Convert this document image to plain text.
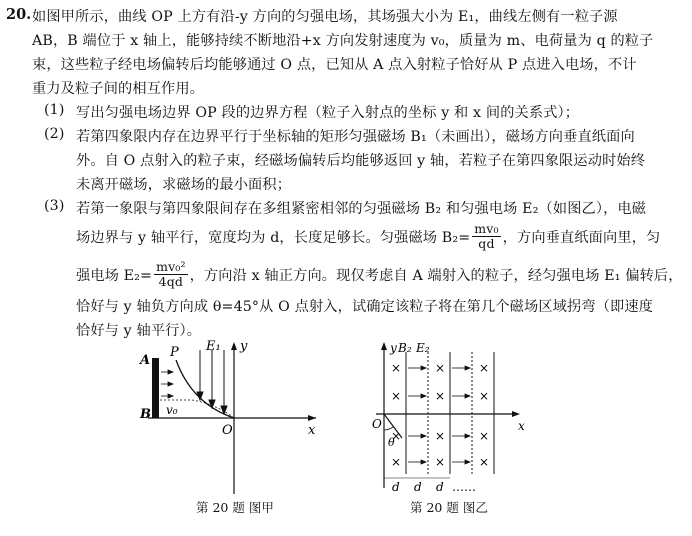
20. 如图甲所示，曲线 OP 上方有沿-y 方向的匀强电场，其场强大小为 E₁，曲线左侧有一粒子源
AB，B 端位于 x 轴上，能够持续不断地沿+x 方向发射速度为 v₀，质量为 m、电荷量为 q 的粒子
束，这些粒子经电场偏转后均能够通过 O 点，已知从 A 点入射粒子恰好从 P 点进入电场，不计
重力及粒子间的相互作用。
(1) 写出匀强电场边界 OP 段的边界方程（粒子入射点的坐标 y 和 x 间的关系式）；
(2) 若第四象限内存在边界平行于坐标轴的矩形匀强磁场 B₁（未画出），磁场方向垂直纸面向
外。自 O 点射入的粒子束，经磁场偏转后均能够返回 y 轴，若粒子在第四象限运动时始终
未离开磁场，求磁场的最小面积；
(3) 若第一象限与第四象限间存在多组紧密相邻的匀强磁场 B₂ 和匀强电场 E₂（如图乙），电磁
场边界与 y 轴平行，宽度均为 d，长度足够长。匀强磁场 $B_2= \frac{\text{mv₀}}{qd}$ ，方向垂直纸面向里，匀
强电场 $E_2= \frac{\text{mv₀²}}{4qd}$ ，方向沿 x 轴正方向。现仅考虑自 A 端射入的粒子，经匀强电场 E₁ 偏转后，
恰好与 y 轴负方向成 θ=45°从 O 点射入，试确定该粒子将在第几个磁场区域拐弯（即速度
恰好与 y 轴平行）。
A
B
P E₁ y
x
O
v₀
第 20 题 图甲
×
×
×
×
×
×
×
×
×
×
×
×
y B₂ E₂
x
O
θ
d d d ……
第 20 题 图乙
